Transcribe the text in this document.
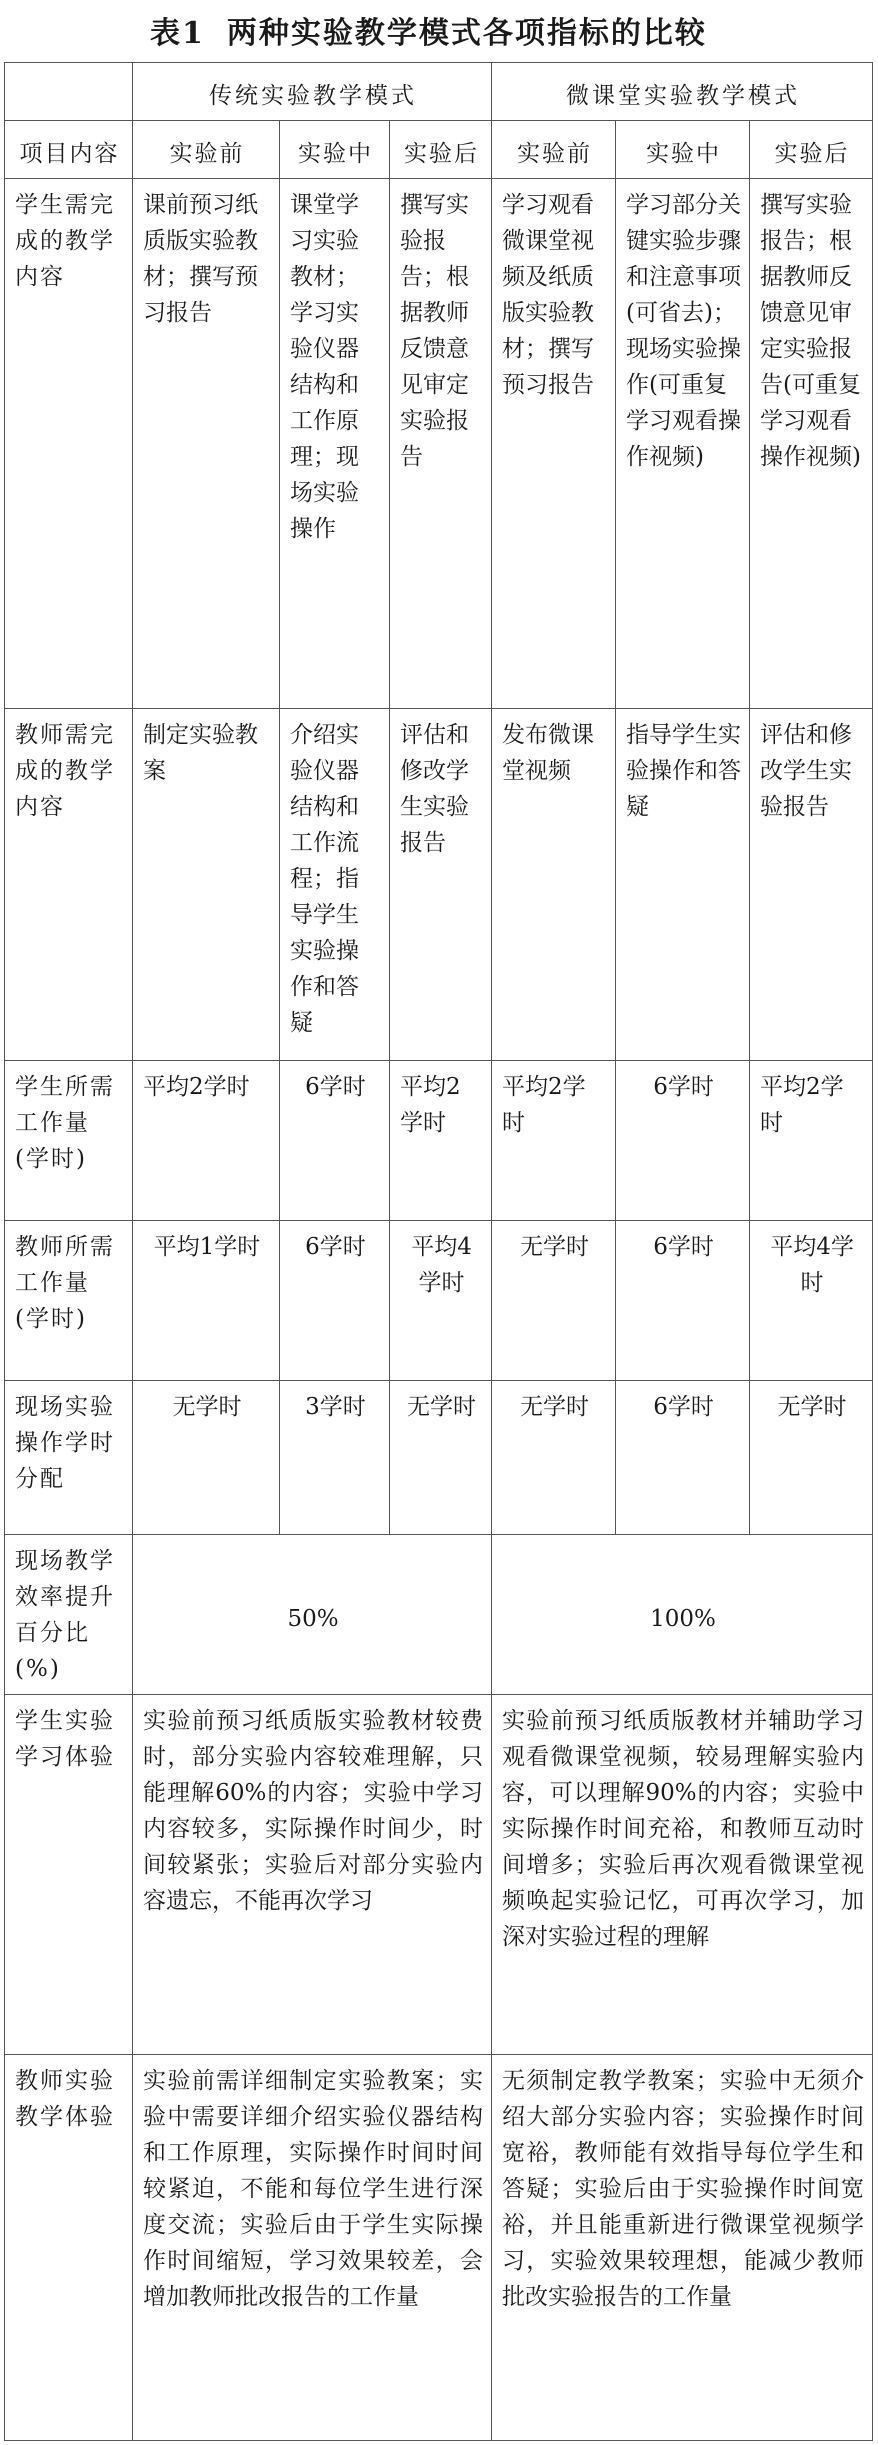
表1 两种实验教学模式各项指标的比较
	传统实验教学模式			微课堂实验教学模式		
项目内容	实验前	实验中	实验后	实验前	实验中	实验后
学生需完成的教学内容	课前预习纸质版实验教材；撰写预习报告	课堂学习实验教材；学习实验仪器结构和工作原理；现场实验操作	撰写实验报告；根据教师反馈意见审定实验报告	学习观看微课堂视频及纸质版实验教材；撰写预习报告	学习部分关键实验步骤和注意事项(可省去)；现场实验操作(可重复学习观看操作视频)	撰写实验报告；根据教师反馈意见审定实验报告(可重复学习观看操作视频)
教师需完成的教学内容	制定实验教案	介绍实验仪器结构和工作流程；指导学生实验操作和答疑	评估和修改学生实验报告	发布微课堂视频	指导学生实验操作和答疑	评估和修改学生实验报告
学生所需工作量(学时)	平均2学时	6学时	平均2学时	平均2学时	6学时	平均2学时
教师所需工作量(学时)	平均1学时	6学时	平均4学时	无学时	6学时	平均4学时
现场实验操作学时分配	无学时	3学时	无学时	无学时	6学时	无学时
现场教学效率提升百分比(%)	50%			100%		
学生实验学习体验	实验前预习纸质版实验教材较费时，部分实验内容较难理解，只能理解60%的内容；实验中学习内容较多，实际操作时间少，时间较紧张；实验后对部分实验内容遗忘，不能再次学习			实验前预习纸质版教材并辅助学习观看微课堂视频，较易理解实验内容，可以理解90%的内容；实验中实际操作时间充裕，和教师互动时间增多；实验后再次观看微课堂视频唤起实验记忆，可再次学习，加深对实验过程的理解		
教师实验教学体验	实验前需详细制定实验教案；实验中需要详细介绍实验仪器结构和工作原理，实际操作时间时间较紧迫，不能和每位学生进行深度交流；实验后由于学生实际操作时间缩短，学习效果较差，会增加教师批改报告的工作量			无须制定教学教案；实验中无须介绍大部分实验内容；实验操作时间宽裕，教师能有效指导每位学生和答疑；实验后由于实验操作时间宽裕，并且能重新进行微课堂视频学习，实验效果较理想，能减少教师批改实验报告的工作量		
